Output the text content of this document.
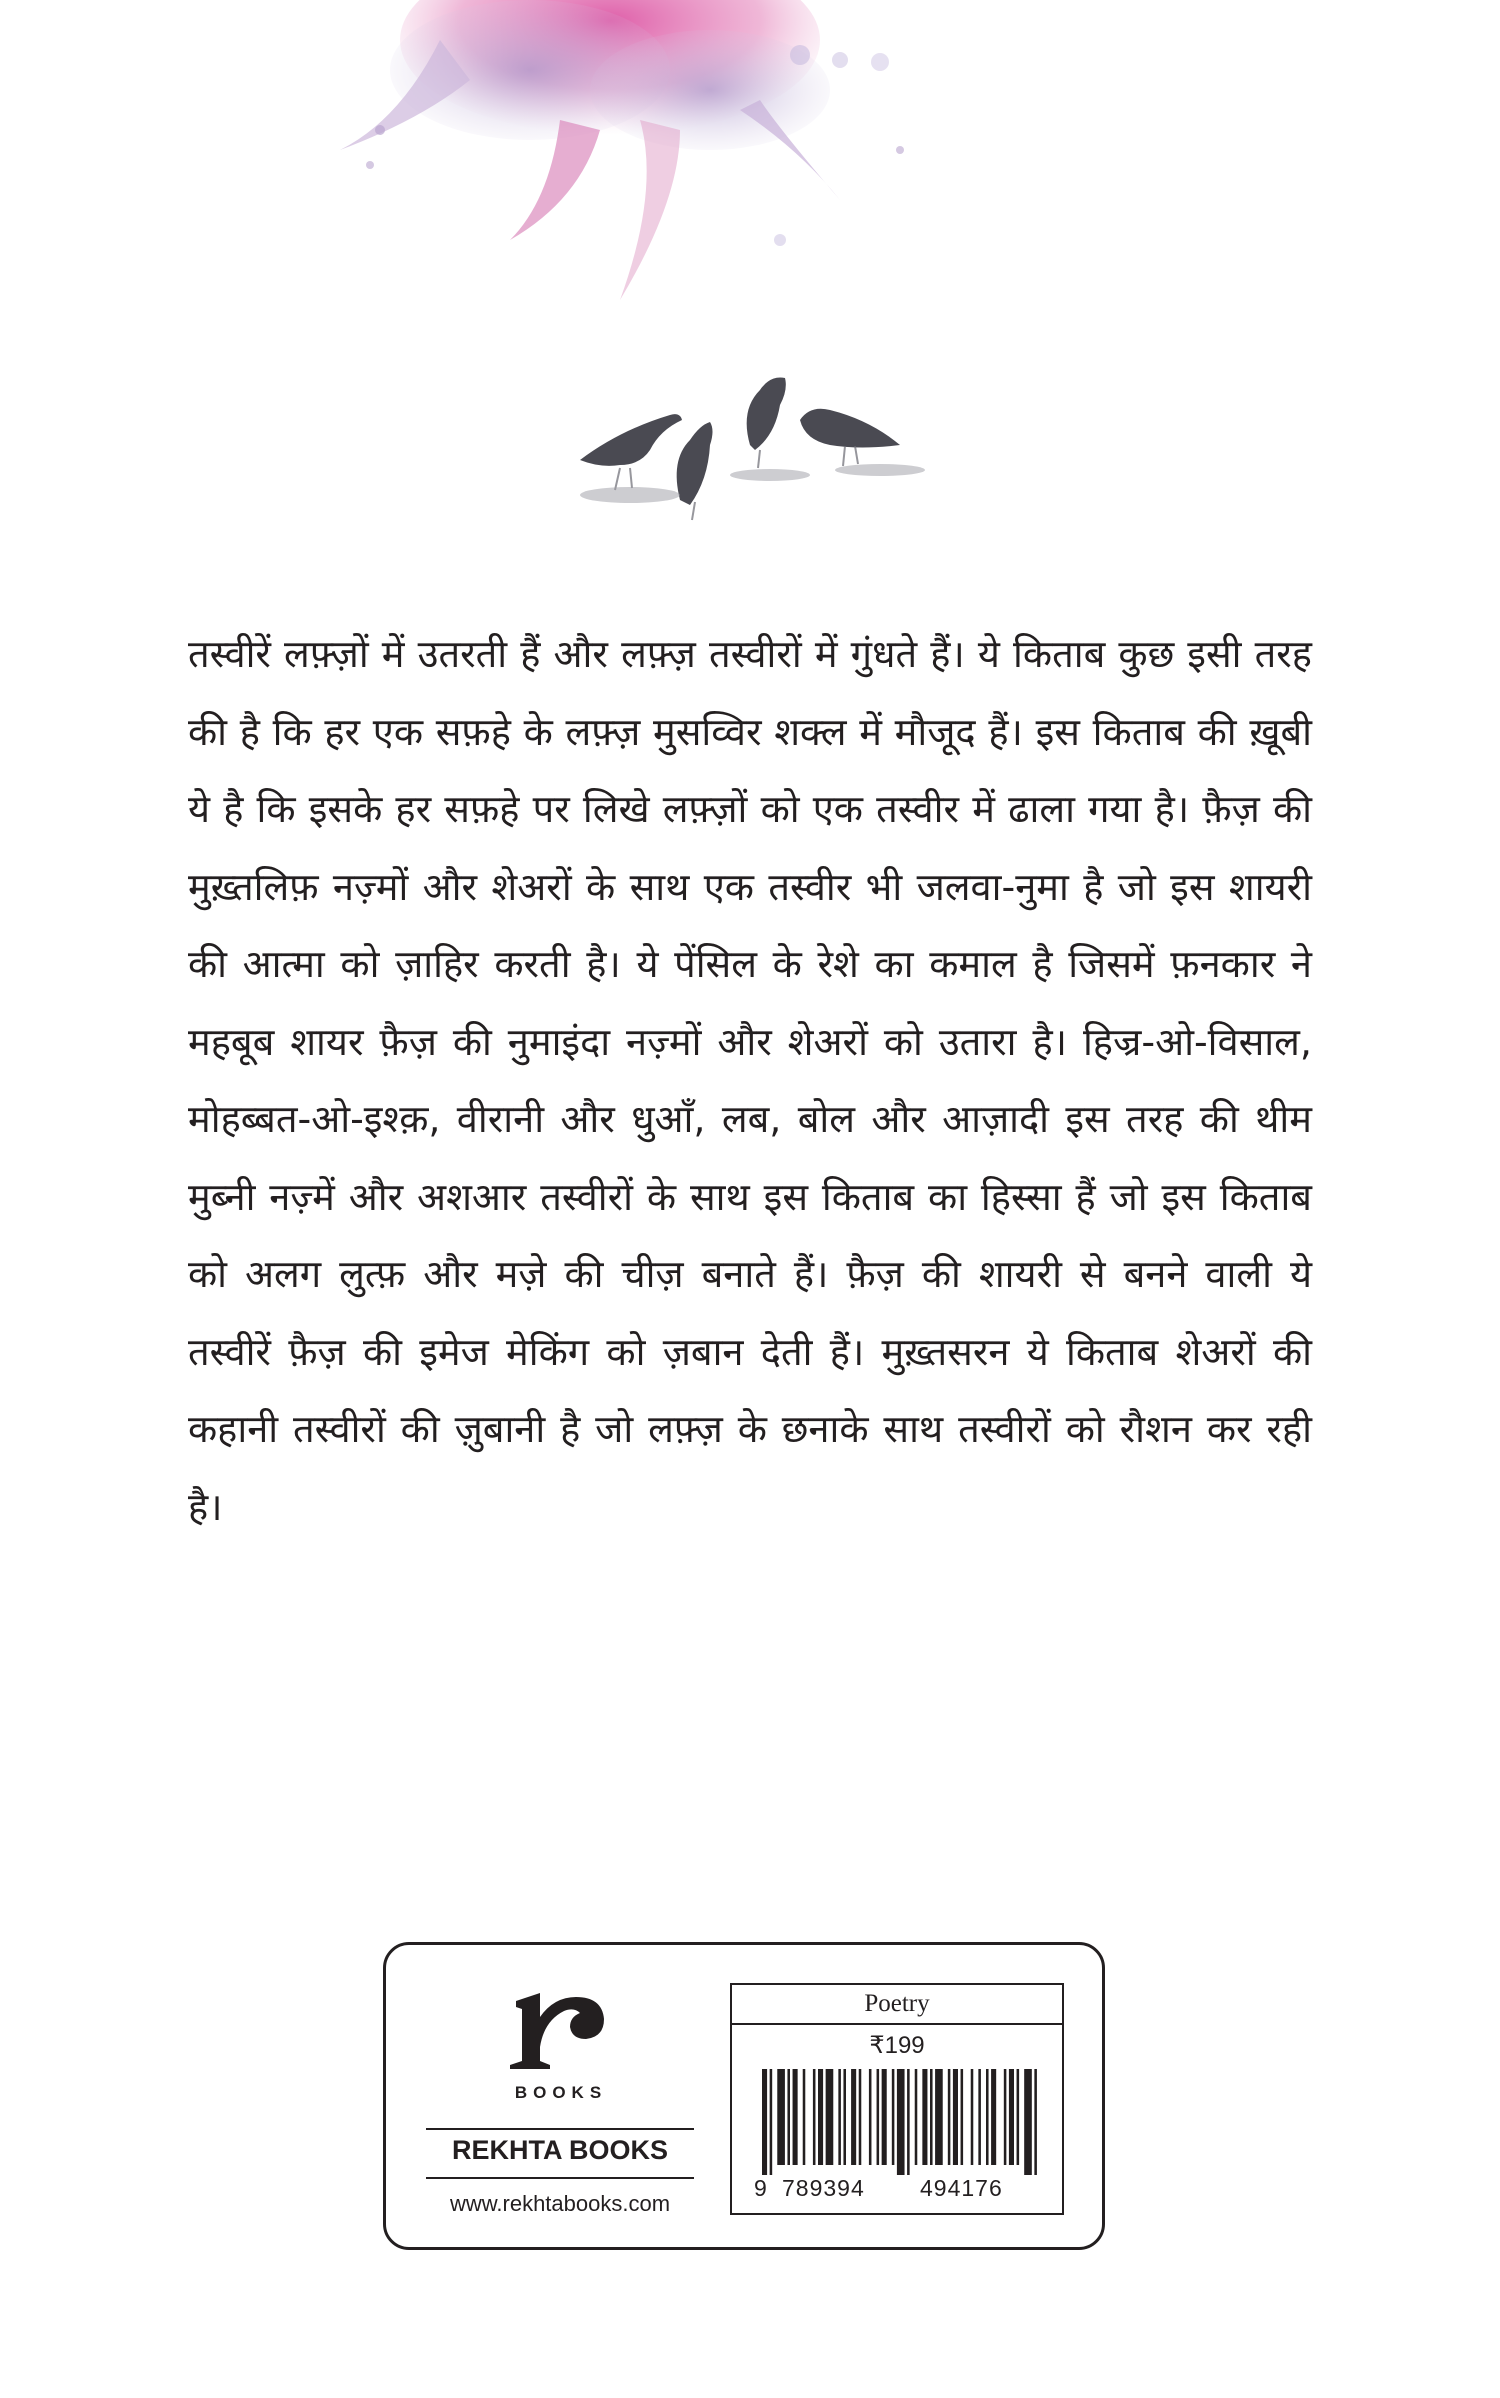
तस्वीरें लफ़्ज़ों में उतरती हैं और लफ़्ज़ तस्वीरों में गुंधते हैं। ये किताब कुछ इसी तरह की है कि हर एक सफ़हे के लफ़्ज़ मुसव्विर शक्ल में मौजूद हैं। इस किताब की ख़ूबी ये है कि इसके हर सफ़हे पर लिखे लफ़्ज़ों को एक तस्वीर में ढाला गया है। फ़ैज़ की मुख़्तलिफ़ नज़्मों और शेअरों के साथ एक तस्वीर भी जलवा-नुमा है जो इस शायरी की आत्मा को ज़ाहिर करती है। ये पेंसिल के रेशे का कमाल है जिसमें फ़नकार ने महबूब शायर फ़ैज़ की नुमाइंदा नज़्मों और शेअरों को उतारा है। हिज्र-ओ-विसाल, मोहब्बत-ओ-इश्क़, वीरानी और धुआँ, लब, बोल और आज़ादी इस तरह की थीम मुब्नी नज़्में और अशआर तस्वीरों के साथ इस किताब का हिस्सा हैं जो इस किताब को अलग लुत्फ़ और मज़े की चीज़ बनाते हैं। फ़ैज़ की शायरी से बनने वाली ये तस्वीरें फ़ैज़ की इमेज मेकिंग को ज़बान देती हैं। मुख़्तसरन ये किताब शेअरों की कहानी तस्वीरों की ज़ुबानी है जो लफ़्ज़ के छनाके साथ तस्वीरों को रौशन कर रही है।

BOOKS
REKHTA BOOKS
www.rekhtabooks.com
Poetry
₹199
9 789394 494176
